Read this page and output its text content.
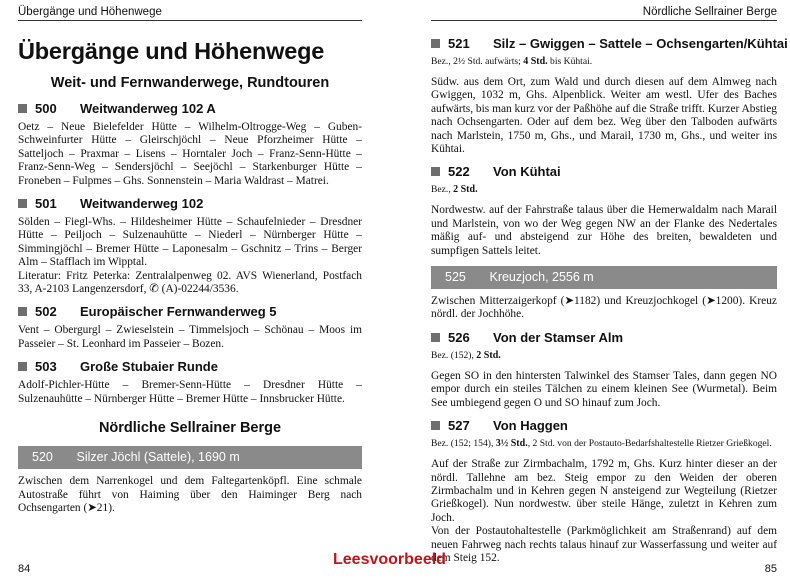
Übergänge und Höhenwege
Übergänge und Höhenwege
Weit- und Fernwanderwege, Rundtouren
500	Weitwanderweg 102 A

Oetz – Neue Bielefelder Hütte – Wilhelm-Oltrogge-Weg – Guben-Schweinfurter Hütte – Gleirschjöchl – Neue Pforzheimer Hütte – Satteljoch – Praxmar – Lisens – Horntaler Joch – Franz-Senn-Hütte – Franz-Senn-Weg – Sendersjöchl – Seejöchl – Starkenburger Hütte – Froneben – Fulpmes – Ghs. Sonnenstein – Maria Waldrast – Matrei.

501	Weitwanderweg 102

Sölden – Fiegl-Whs. – Hildesheimer Hütte – Schaufelnieder – Dresdner Hütte – Peiljoch – Sulzenauhütte – Niederl – Nürnberger Hütte – Simmingjöchl – Bremer Hütte – Laponesalm – Gschnitz – Trins – Berger Alm – Stafflach im Wipptal.

Literatur: Fritz Peterka: Zentralalpenweg 02. AVS Wienerland, Postfach 33, A-2103 Langenzersdorf, ✆ (A)-02244/3536.

502	Europäischer Fernwanderweg 5

Vent – Obergurgl – Zwieselstein – Timmelsjoch – Schönau – Moos im Passeier – St. Leonhard im Passeier – Bozen.

503	Große Stubaier Runde

Adolf-Pichler-Hütte – Bremer-Senn-Hütte – Dresdner Hütte – Sulzenauhütte – Nürnberger Hütte – Bremer Hütte – Innsbrucker Hütte.

Nördliche Sellrainer Berge
520 Silzer Jöchl (Sattele), 1690 m

Zwischen dem Narrenkogel und dem Faltegartenköpfl. Eine schmale Autostraße führt von Haiming über den Haiminger Berg nach Ochsengarten (➤21).

84
Nördliche Sellrainer Berge
521	Silz – Gwiggen – Sattele – Ochsengarten/Kühtai

Bez., 2½ Std. aufwärts; 4 Std. bis Kühtai.

Südw. aus dem Ort, zum Wald und durch diesen auf dem Almweg nach Gwiggen, 1032 m, Ghs. Alpenblick. Weiter am westl. Ufer des Baches aufwärts, bis man kurz vor der Paßhöhe auf die Straße trifft. Kurzer Abstieg nach Ochsengarten. Oder auf dem bez. Weg über den Talboden aufwärts nach Marlstein, 1750 m, Ghs., und Marail, 1730 m, Ghs., und weiter ins Kühtai.

522	Von Kühtai

Bez., 2 Std.

Nordwestw. auf der Fahrstraße talaus über die Hemerwaldalm nach Marail und Marlstein, von wo der Weg gegen NW an der Flanke des Nedertales mäßig auf- und absteigend zur Höhe des breiten, bewaldeten und sumpfigen Sattels leitet.

525 Kreuzjoch, 2556 m

Zwischen Mitterzaigerkopf (➤1182) und Kreuzjochkogel (➤1200). Kreuz nördl. der Jochhöhe.

526	Von der Stamser Alm

Bez. (152), 2 Std.

Gegen SO in den hintersten Talwinkel des Stamser Tales, dann gegen NO empor durch ein steiles Tälchen zu einem kleinen See (Wurmetal). Beim See umbiegend gegen O und SO hinauf zum Joch.

527	Von Haggen

Bez. (152; 154), 3½ Std., 2 Std. von der Postauto-Bedarfshaltestelle Rietzer Grießkogel.

Auf der Straße zur Zirmbachalm, 1792 m, Ghs. Kurz hinter dieser an der nördl. Tallehne am bez. Steig empor zu den Weiden der oberen Zirmbachalm und in Kehren gegen N ansteigend zur Wegteilung (Rietzer Grießkogel). Nun nordwestw. über steile Hänge, zuletzt in Kehren zum Joch.

Von der Postautohaltestelle (Parkmöglichkeit am Straßenrand) auf dem neuen Fahrweg nach rechts talaus hinauf zur Wasserfassung und weiter auf dem Steig 152.

85
Leesvoorbeeld
